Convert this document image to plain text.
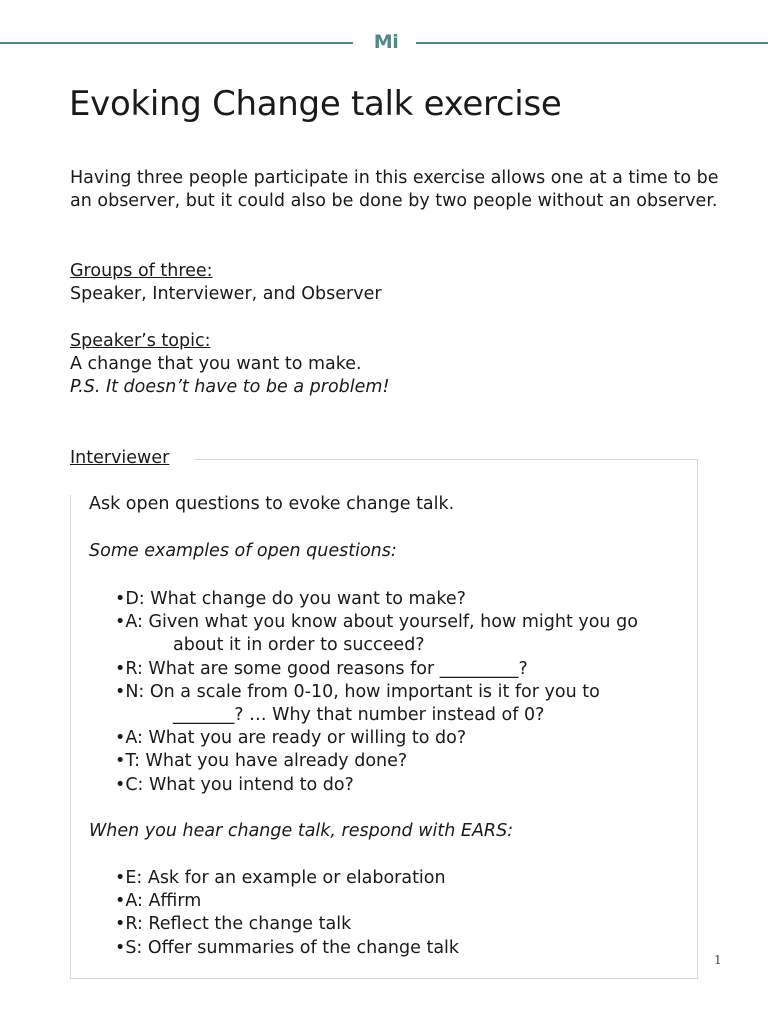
Mi
Evoking Change talk exercise
Having three people participate in this exercise allows one at a time to be an observer, but it could also be done by two people without an observer.
Groups of three:
Speaker, Interviewer, and Observer
Speaker’s topic:
A change that you want to make.
P.S. It doesn’t have to be a problem!
Interviewer
Ask open questions to evoke change talk.
Some examples of open questions:
•D: What change do you want to make?
•A: Given what you know about yourself, how might you go
about it in order to succeed?
•R: What are some good reasons for _________?
•N: On a scale from 0-10, how important is it for you to
_______? … Why that number instead of 0?
•A: What you are ready or willing to do?
•T: What you have already done?
•C: What you intend to do?
When you hear change talk, respond with EARS:
•E: Ask for an example or elaboration
•A: Affirm
•R: Reflect the change talk
•S: Offer summaries of the change talk
1
